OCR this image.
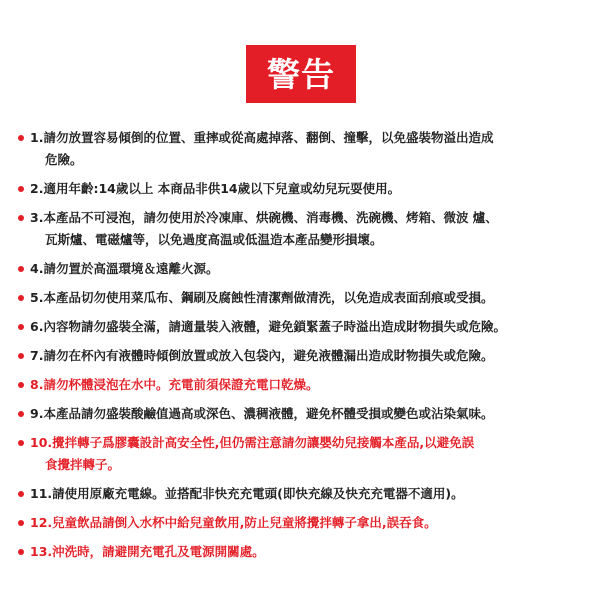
警告
1.請勿放置容易傾倒的位置、重摔或從高處掉落、翻倒、撞擊，以免盛裝物溢出造成
危險。
2.適用年齡:14歲以上 本商品非供14歲以下兒童或幼兒玩耍使用。
3.本產品不可浸泡，請勿使用於冷凍庫、烘碗機、消毒機、洗碗機、烤箱、微波 爐、
瓦斯爐、電磁爐等，以免過度高温或低温造本產品變形損壞。
4.請勿置於高溫環境＆遠離火源。
5.本產品切勿使用菜瓜布、鋼刷及腐蝕性清潔劑做清洗，以免造成表面刮痕或受損。
6.內容物請勿盛裝全滿，請適量裝入液體，避免鎖緊蓋子時溢出造成財物損失或危險。
7.請勿在杯內有液體時傾倒放置或放入包袋內，避免液體漏出造成財物損失或危險。
8.請勿杯體浸泡在水中。充電前須保證充電口乾燥。
9.本產品請勿盛裝酸鹼值過高或深色、濃稠液體，避免杯體受損或變色或沾染氣味。
10.攪拌轉子爲膠囊設計高安全性,但仍需注意請勿讓嬰幼兒接觸本產品,以避免誤
食攪拌轉子。
11.請使用原廠充電線。並搭配非快充充電頭(即快充線及快充充電器不適用)。
12.兒童飲品請倒入水杯中給兒童飲用,防止兒童將攪拌轉子拿出,誤吞食。
13.沖洗時，請避開充電孔及電源開關處。
